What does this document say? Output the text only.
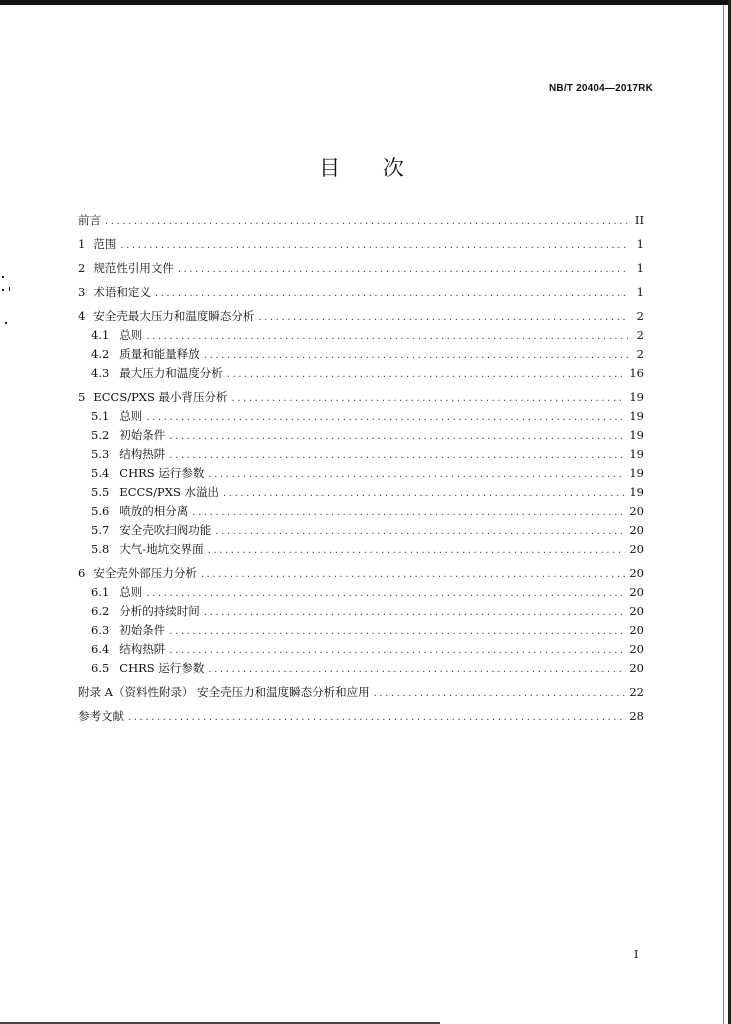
NB/T 20404—2017RK
目 次
前言 .....	II
1 范围 .....	1
2 规范性引用文件 .....	1
3 术语和定义 .....	1
4 安全壳最大压力和温度瞬态分析 .....	2
4.1 总则 .....	2
4.2 质量和能量释放 .....	2
4.3 最大压力和温度分析 .....	16
5 ECCS/PXS 最小背压分析 .....	19
5.1 总则 .....	19
5.2 初始条件 .....	19
5.3 结构热阱 .....	19
5.4 CHRS 运行参数 .....	19
5.5 ECCS/PXS 水溢出 .....	19
5.6 喷放的相分离 .....	20
5.7 安全壳吹扫阀功能 .....	20
5.8 大气-地坑交界面 .....	20
6 安全壳外部压力分析 .....	20
6.1 总则 .....	20
6.2 分析的持续时间 .....	20
6.3 初始条件 .....	20
6.4 结构热阱 .....	20
6.5 CHRS 运行参数 .....	20
附录 A（资料性附录） 安全壳压力和温度瞬态分析和应用 .....	22
参考文献 .....	28
I
